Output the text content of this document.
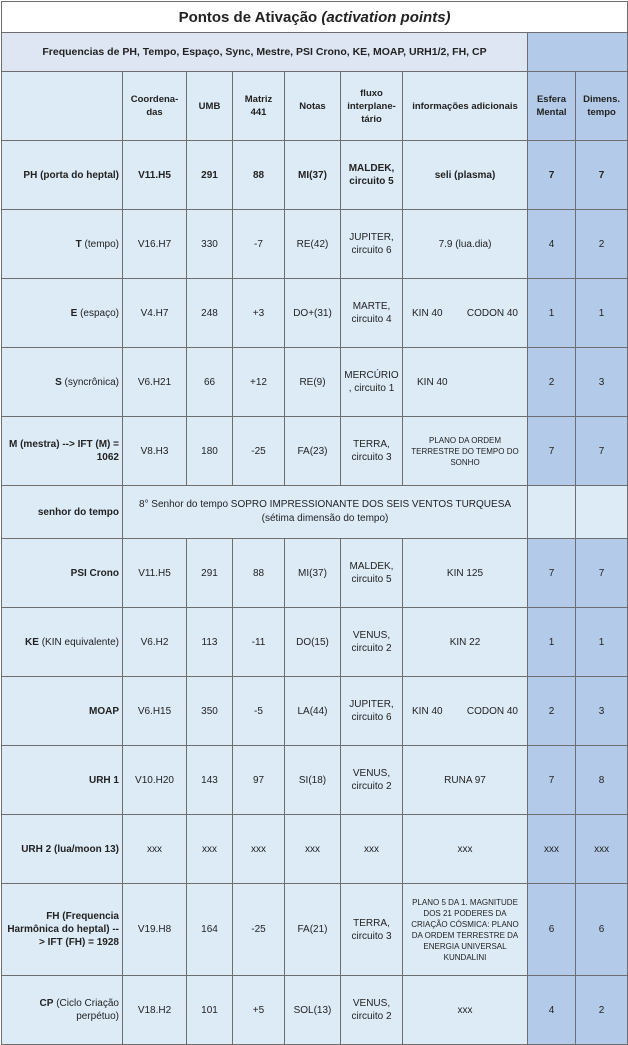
Pontos de Ativação (activation points)								
Frequencias de PH, Tempo, Espaço, Sync, Mestre, PSI Crono, KE, MOAP, URH1/2, FH, CP								
	Coordena-das	UMB	Matriz 441	Notas	fluxo interplane-tário	informações adicionais	Esfera Mental	Dimens. tempo
PH (porta do heptal)	V11.H5	291	88	MI(37)	MALDEK, circuito 5	seli (plasma)	7	7
T (tempo)	V16.H7	330	-7	RE(42)	JUPITER, circuito 6	7.9 (lua.dia)	4	2
E (espaço)	V4.H7	248	+3	DO+(31)	MARTE, circuito 4	KIN 40 CODON 40	1	1
S (syncrônica)	V6.H21	66	+12	RE(9)	MERCÚRIO , circuito 1	KIN 40	2	3
M (mestra) --> IFT (M) = 1062	V8.H3	180	-25	FA(23)	TERRA, circuito 3	PLANO DA ORDEM TERRESTRE DO TEMPO DO SONHO	7	7
senhor do tempo	8° Senhor do tempo SOPRO IMPRESSIONANTE DOS SEIS VENTOS TURQUESA (sétima dimensão do tempo)							
PSI Crono	V11.H5	291	88	MI(37)	MALDEK, circuito 5	KIN 125	7	7
KE (KIN equivalente)	V6.H2	113	-11	DO(15)	VENUS, circuito 2	KIN 22	1	1
MOAP	V6.H15	350	-5	LA(44)	JUPITER, circuito 6	KIN 40 CODON 40	2	3
URH 1	V10.H20	143	97	SI(18)	VENUS, circuito 2	RUNA 97	7	8
URH 2 (lua/moon 13)	xxx	xxx	xxx	xxx	xxx	xxx	xxx	xxx
FH (Frequencia Harmônica do heptal) --> IFT (FH) = 1928	V19.H8	164	-25	FA(21)	TERRA, circuito 3	PLANO 5 DA 1. MAGNITUDE DOS 21 PODERES DA CRIAÇÃO CÓSMICA: PLANO DA ORDEM TERRESTRE DA ENERGIA UNIVERSAL KUNDALINI	6	6
CP (Ciclo Criação perpétuo)	V18.H2	101	+5	SOL(13)	VENUS, circuito 2	xxx	4	2
